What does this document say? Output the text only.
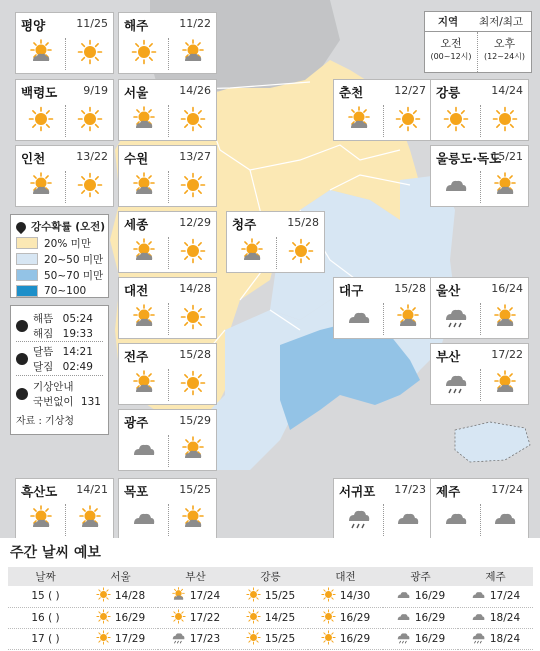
지역	최저/최고
오전
(00~12시)
오후
(12~24시)
강수확률 (오전)
20% 미만
20~50 미만
50~70 미만
70~100
해뜸 05:24
해짐 19:33
달뜸 14:21
달짐 02:49
기상안내
국번없이 131
자료 : 기상청
평양	11/25 해주	11/22
백령도 9/19 서울	14/26	춘천	12/27 강릉	14/24
인천	13/22 수원	13/27	울릉도·독도
15/21
세종	12/29 청주	15/28
대전	14/28	대구	15/28 울산	16/24
전주	15/28	부산	17/22
광주	15/29
흑산도 14/21 목포	15/25	서귀포 17/23 제주	17/24
주간 날씨 예보
날짜	서울	부산	강릉	대전	광주	제주
15 ( )	14/28	17/24	15/25	14/30	16/29	17/24

16 ( )	16/29	17/22	14/25	16/29	16/29	18/24

17 ( )	17/29	17/23	15/25	16/29	16/29	18/24
